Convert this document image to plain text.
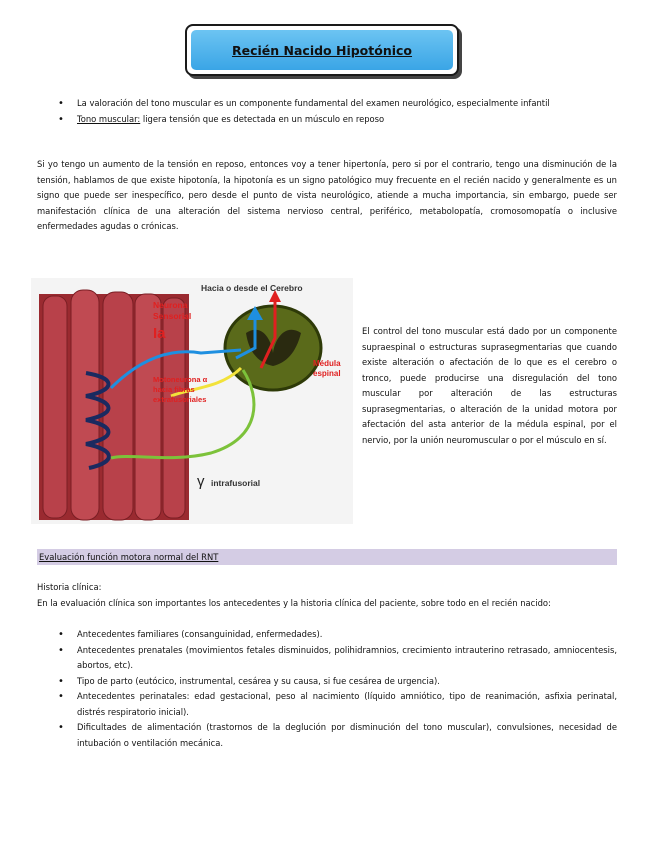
Recién Nacido Hipotónico
• La valoración del tono muscular es un componente fundamental del examen neurológico, especialmente infantil
• Tono muscular: ligera tensión que es detectada en un músculo en reposo

Si yo tengo un aumento de la tensión en reposo, entonces voy a tener hipertonía, pero si por el contrario, tengo una disminución de la tensión, hablamos de que existe hipotonía, la hipotonía es un signo patológico muy frecuente en el recién nacido y generalmente es un signo que puede ser inespecífico, pero desde el punto de vista neurológico, atiende a mucha importancia, sin embargo, puede ser manifestación clínica de una alteración del sistema nervioso central, periférico, metabolopatía, cromosomopatía o inclusive enfermedades agudas o crónicas.

Hacia o desde el Cerebro
Neurona
Sensorial
Ia
Motoneurona α
hacia fibras
extrafusoriales
Médula
espinal
γ intrafusorial

El control del tono muscular está dado por un componente supraespinal o estructuras suprasegmentarias que cuando existe alteración o afectación de lo que es el cerebro o tronco, puede producirse una disregulación del tono muscular por alteración de las estructuras suprasegmentarias, o alteración de la unidad motora por afectación del asta anterior de la médula espinal, por el nervio, por la unión neuromuscular o por el músculo en sí.

Evaluación función motora normal del RNT
Historia clínica:

En la evaluación clínica son importantes los antecedentes y la historia clínica del paciente, sobre todo en el recién nacido:

• Antecedentes familiares (consanguinidad, enfermedades).
• Antecedentes prenatales (movimientos fetales disminuidos, polihidramnios, crecimiento intrauterino retrasado, amniocentesis, abortos, etc).
• Tipo de parto (eutócico, instrumental, cesárea y su causa, si fue cesárea de urgencia).
• Antecedentes perinatales: edad gestacional, peso al nacimiento (líquido amniótico, tipo de reanimación, asfixia perinatal, distrés respiratorio inicial).
• Dificultades de alimentación (trastornos de la deglución por disminución del tono muscular), convulsiones, necesidad de intubación o ventilación mecánica.
